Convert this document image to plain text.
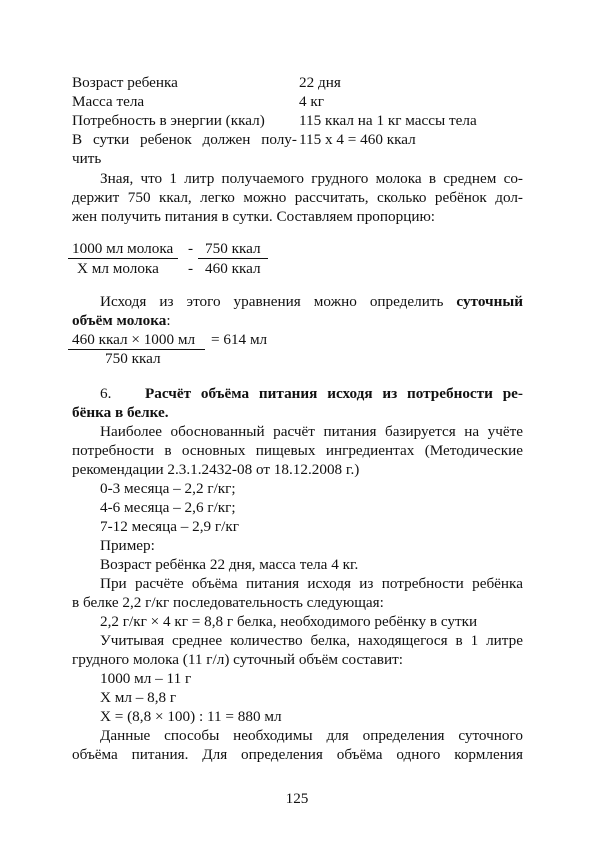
Возраст ребенка	22 дня
Масса тела	4 кг
Потребность в энергии (ккал) 115 ккал на 1 кг массы тела
В сутки ребенок должен полу- 115 х 4 = 460 ккал
чить
Зная, что 1 литр получаемого грудного молока в среднем со-
держит 750 ккал, легко можно рассчитать, сколько ребёнок дол-
жен получить питания в сутки. Составляем пропорцию:
1000 мл молока - 750 ккал
Х мл молока - 460 ккал
Исходя из этого уравнения можно определить суточный
объём молока:
460 ккал × 1000 мл = 614 мл
750 ккал
6. Расчёт объёма питания исходя из потребности ре-
бёнка в белке.
Наиболее обоснованный расчёт питания базируется на учёте
потребности в основных пищевых ингредиентах (Методические
рекомендации 2.3.1.2432-08 от 18.12.2008 г.)
0-3 месяца – 2,2 г/кг;
4-6 месяца – 2,6 г/кг;
7-12 месяца – 2,9 г/кг
Пример:
Возраст ребёнка 22 дня, масса тела 4 кг.
При расчёте объёма питания исходя из потребности ребёнка
в белке 2,2 г/кг последовательность следующая:
2,2 г/кг × 4 кг = 8,8 г белка, необходимого ребёнку в сутки
Учитывая среднее количество белка, находящегося в 1 литре
грудного молока (11 г/л) суточный объём составит:
1000 мл – 11 г
Х мл – 8,8 г
Х = (8,8 × 100) : 11 = 880 мл
Данные способы необходимы для определения суточного
объёма питания. Для определения объёма одного кормления
125
